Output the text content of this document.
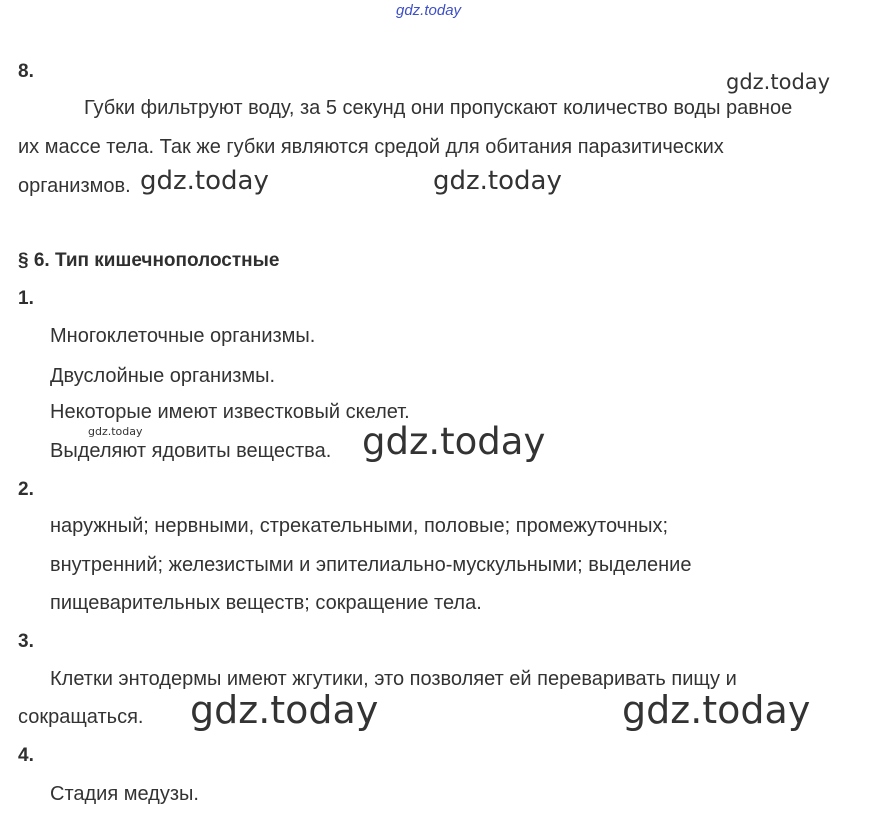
gdz.today
8.	gdz.today
Губки фильтруют воду, за 5 секунд они пропускают количество воды равное
их массе тела. Так же губки являются средой для обитания паразитических
организмов. gdz.today	gdz.today
§ 6. Тип кишечнополостные
1.
Многоклеточные организмы.
Двуслойные организмы.
Некоторые имеют известковый скелет.
gdz.today
Выделяют ядовиты вещества. gdz.today
2.
наружный; нервными, стрекательными, половые; промежуточных;
внутренний; железистыми и эпителиально-мускульными; выделение
пищеварительных веществ; сокращение тела.
3.
Клетки энтодермы имеют жгутики, это позволяет ей переваривать пищу и
сокращаться. gdz.today	gdz.today
4.
Стадия медузы.
